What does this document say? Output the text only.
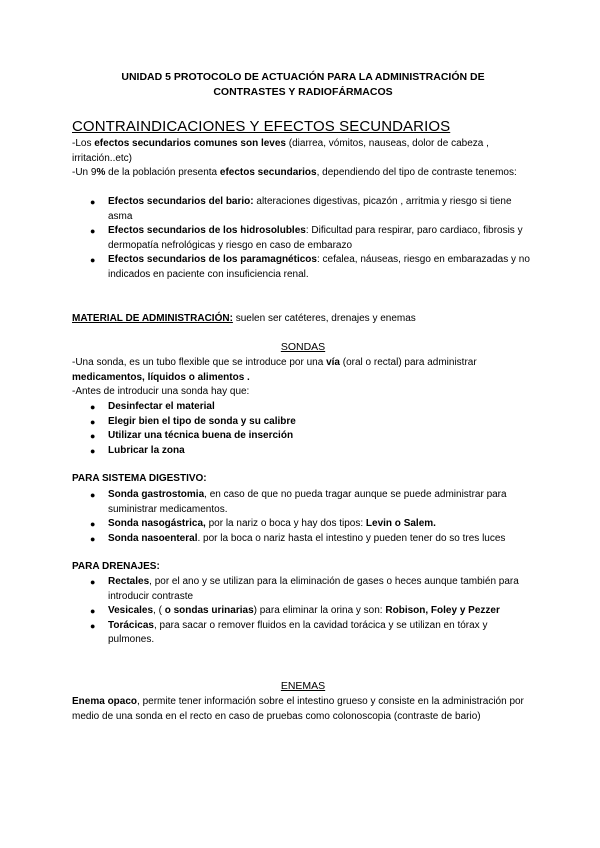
UNIDAD 5 PROTOCOLO DE ACTUACIÓN PARA LA ADMINISTRACIÓN DE
CONTRASTES Y RADIOFÁRMACOS
CONTRAINDICACIONES Y EFECTOS SECUNDARIOS
-Los efectos secundarios comunes son leves (diarrea, vómitos, nauseas, dolor de cabeza , irritación..etc)
-Un 9% de la población presenta efectos secundarios, dependiendo del tipo de contraste tenemos:
● Efectos secundarios del bario: alteraciones digestivas, picazón , arritmia y riesgo si tiene asma
● Efectos secundarios de los hidrosolubles: Dificultad para respirar, paro cardiaco, fibrosis y dermopatía nefrológicas y riesgo en caso de embarazo
● Efectos secundarios de los paramagnéticos: cefalea, náuseas, riesgo en embarazadas y no indicados en paciente con insuficiencia renal.
MATERIAL DE ADMINISTRACIÓN: suelen ser catéteres, drenajes y enemas
SONDAS
-Una sonda, es un tubo flexible que se introduce por una vía (oral o rectal) para administrar medicamentos, líquidos o alimentos .
-Antes de introducir una sonda hay que:
● Desinfectar el material
● Elegir bien el tipo de sonda y su calibre
● Utilizar una técnica buena de inserción
● Lubricar la zona
PARA SISTEMA DIGESTIVO:
● Sonda gastrostomia, en caso de que no pueda tragar aunque se puede administrar para suministrar medicamentos.
● Sonda nasogástrica, por la nariz o boca y hay dos tipos: Levin o Salem.
● Sonda nasoenteral. por la boca o nariz hasta el intestino y pueden tener do so tres luces
PARA DRENAJES:
● Rectales, por el ano y se utilizan para la eliminación de gases o heces aunque también para introducir contraste
● Vesicales, ( o sondas urinarias) para eliminar la orina y son: Robison, Foley y Pezzer
● Torácicas, para sacar o remover fluidos en la cavidad torácica y se utilizan en tórax y pulmones.
ENEMAS
Enema opaco, permite tener información sobre el intestino grueso y consiste en la administración por medio de una sonda en el recto en caso de pruebas como colonoscopia (contraste de bario)
